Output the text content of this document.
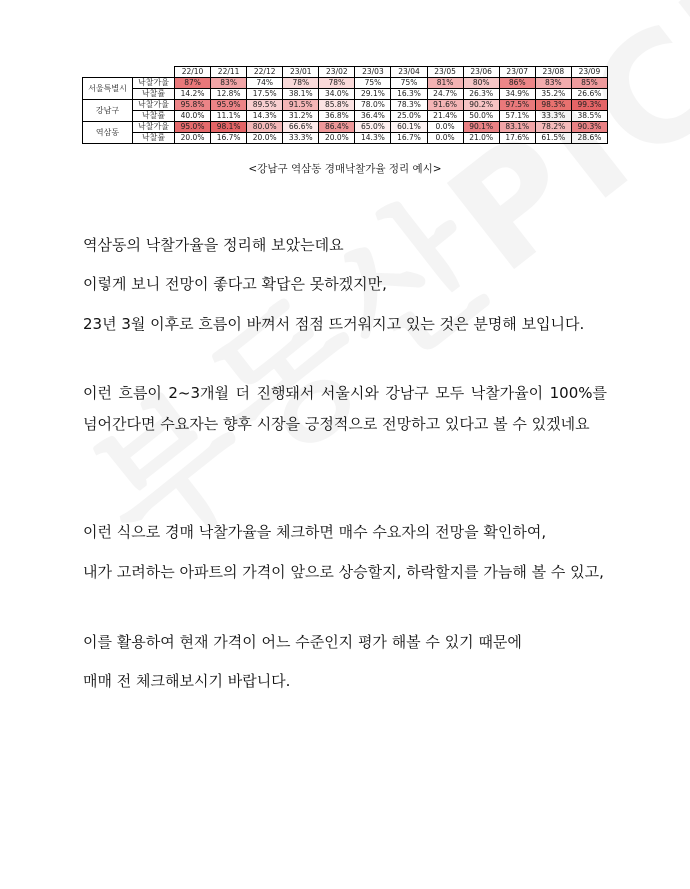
		22/10	22/11	22/12	23/01	23/02	23/03	23/04	23/05	23/06	23/07	23/08	23/09
서울특별시	낙찰가율	87%	83%	74%	78%	78%	75%	75%	81%	80%	86%	83%	85%
	낙찰률	14.2%	12.8%	17.5%	38.1%	34.0%	29.1%	16.3%	24.7%	26.3%	34.9%	35.2%	26.6%
강남구	낙찰가율	95.8%	95.9%	89.5%	91.5%	85.8%	78.0%	78.3%	91.6%	90.2%	97.5%	98.3%	99.3%
	낙찰률	40.0%	11.1%	14.3%	31.2%	36.8%	36.4%	25.0%	21.4%	50.0%	57.1%	33.3%	38.5%
역삼동	낙찰가율	95.0%	98.1%	80.0%	66.6%	86.4%	65.0%	60.1%	0.0%	90.1%	83.1%	78.2%	90.3%
	낙찰률	20.0%	16.7%	20.0%	33.3%	20.0%	14.3%	16.7%	0.0%	21.0%	17.6%	61.5%	28.6%
<강남구 역삼동 경매낙찰가율 정리 예시>

역삼동의 낙찰가율을 정리해 보았는데요

이렇게 보니 전망이 좋다고 확답은 못하겠지만,

23년 3월 이후로 흐름이 바껴서 점점 뜨거워지고 있는 것은 분명해 보입니다.

이런 흐름이 2~3개월 더 진행돼서 서울시와 강남구 모두 낙찰가율이 100%를 넘어간다면 수요자는 향후 시장을 긍정적으로 전망하고 있다고 볼 수 있겠네요

이런 식으로 경매 낙찰가율을 체크하면 매수 수요자의 전망을 확인하여,

내가 고려하는 아파트의 가격이 앞으로 상승할지, 하락할지를 가늠해 볼 수 있고,

이를 활용하여 현재 가격이 어느 수준인지 평가 해볼 수 있기 때문에

매매 전 체크해보시기 바랍니다.
